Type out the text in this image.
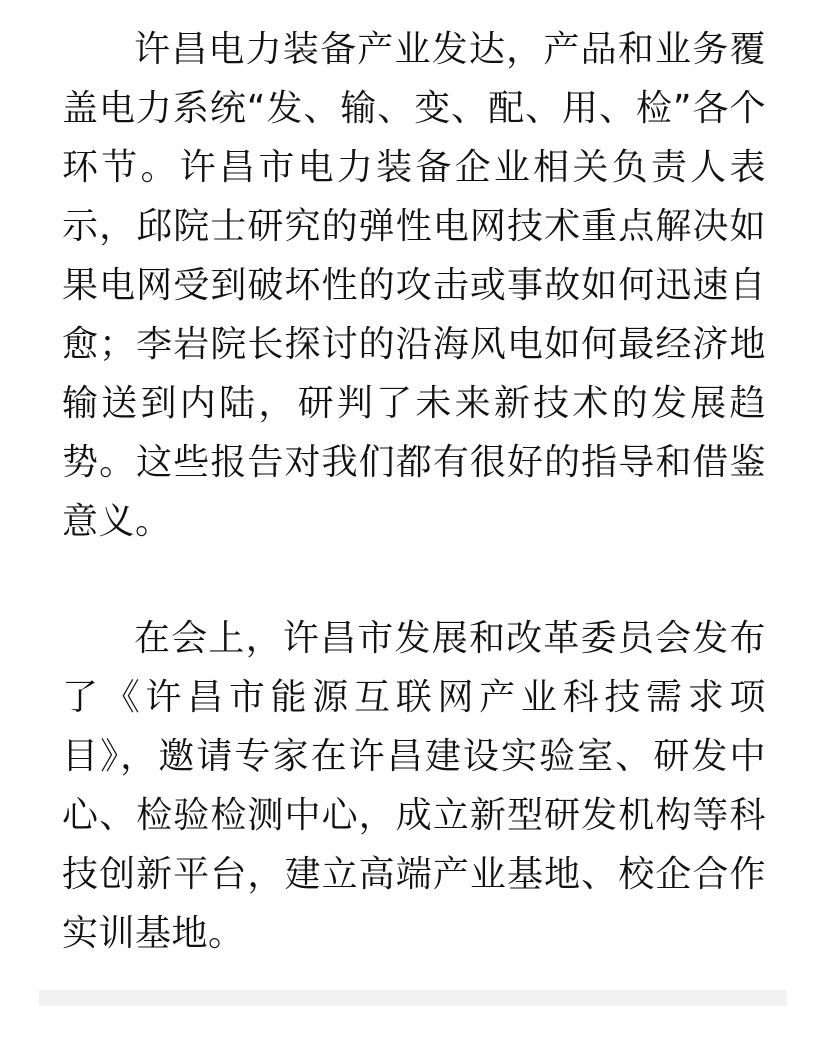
许昌电力装备产业发达，产品和业务覆盖电力系统“发、输、变、配、用、检”各个环节。许昌市电力装备企业相关负责人表示，邱院士研究的弹性电网技术重点解决如果电网受到破坏性的攻击或事故如何迅速自愈；李岩院长探讨的沿海风电如何最经济地输送到内陆，研判了未来新技术的发展趋势。这些报告对我们都有很好的指导和借鉴意义。

在会上，许昌市发展和改革委员会发布了《许昌市能源互联网产业科技需求项目》，邀请专家在许昌建设实验室、研发中心、检验检测中心，成立新型研发机构等科技创新平台，建立高端产业基地、校企合作实训基地。
